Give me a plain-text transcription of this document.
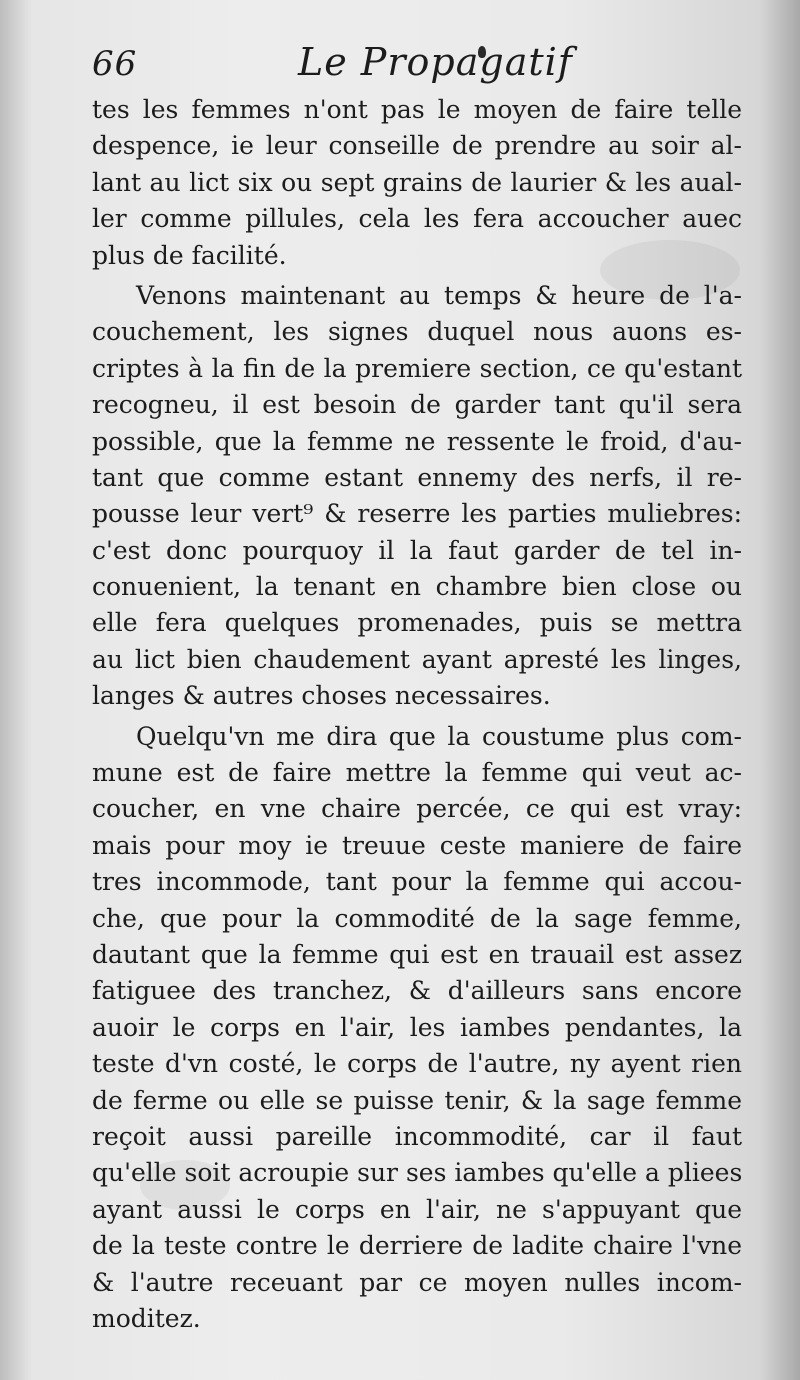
66	Le Propagatif
tes les femmes n'ont pas le moyen de faire telle
despence, ie leur conseille de prendre au soir al-
lant au lict six ou sept grains de laurier & les aual-
ler comme pillules, cela les fera accoucher auec
plus de facilité.
Venons maintenant au temps & heure de l'a-
couchement, les signes duquel nous auons es-
criptes à la fin de la premiere section, ce qu'estant
recogneu, il est besoin de garder tant qu'il sera
possible, que la femme ne ressente le froid, d'au-
tant que comme estant ennemy des nerfs, il re-
pousse leur vert⁹ & reserre les parties muliebres:
c'est donc pourquoy il la faut garder de tel in-
conuenient, la tenant en chambre bien close ou
elle fera quelques promenades, puis se mettra
au lict bien chaudement ayant apresté les linges,
langes & autres choses necessaires.
Quelqu'vn me dira que la coustume plus com-
mune est de faire mettre la femme qui veut ac-
coucher, en vne chaire percée, ce qui est vray:
mais pour moy ie treuue ceste maniere de faire
tres incommode, tant pour la femme qui accou-
che, que pour la commodité de la sage femme,
dautant que la femme qui est en trauail est assez
fatiguee des tranchez, & d'ailleurs sans encore
auoir le corps en l'air, les iambes pendantes, la
teste d'vn costé, le corps de l'autre, ny ayent rien
de ferme ou elle se puisse tenir, & la sage femme
reçoit aussi pareille incommodité, car il faut
qu'elle soit acroupie sur ses iambes qu'elle a pliees
ayant aussi le corps en l'air, ne s'appuyant que
de la teste contre le derriere de ladite chaire l'vne
& l'autre receuant par ce moyen nulles incom-
moditez.
